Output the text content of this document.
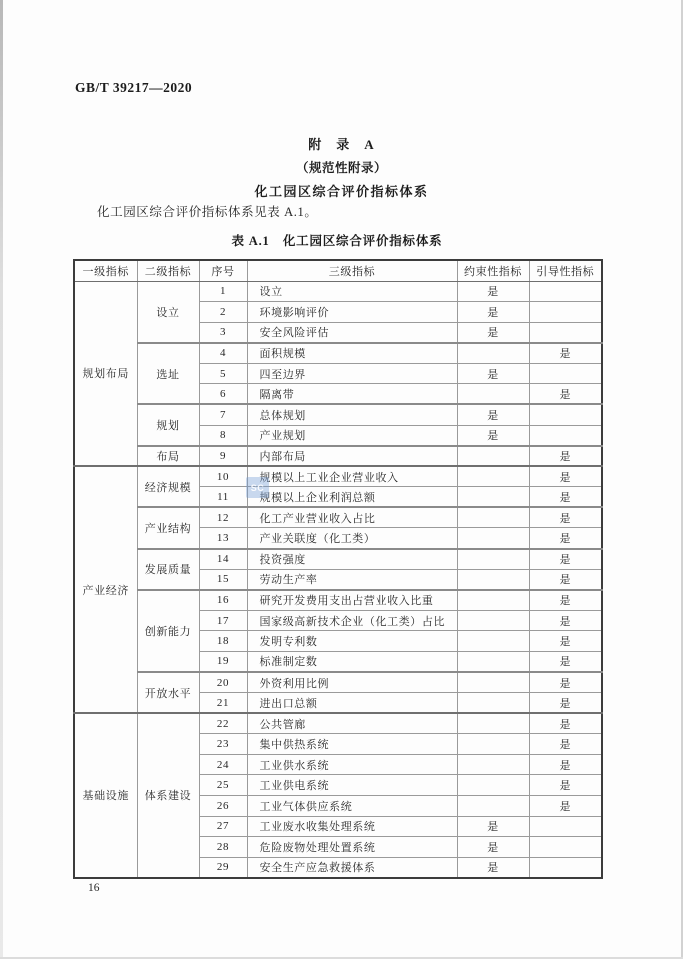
GB/T 39217—2020
附　录　A
（规范性附录）
化工园区综合评价指标体系
化工园区综合评价指标体系见表 A.1。
表 A.1　化工园区综合评价指标体系
一级指标	二级指标	序号	三级指标	约束性指标	引导性指标
规划布局	设立	1	设立	是	
		2	环境影响评价	是	
		3	安全风险评估	是	
	选址	4	面积规模		是
		5	四至边界	是	
		6	隔离带		是
	规划	7	总体规划	是	
		8	产业规划	是	
	布局	9	内部布局		是
产业经济	经济规模	10	规模以上工业企业营业收入		是
		11	规模以上企业利润总额		是
	产业结构	12	化工产业营业收入占比		是
		13	产业关联度（化工类）		是
	发展质量	14	投资强度		是
		15	劳动生产率		是
	创新能力	16	研究开发费用支出占营业收入比重		是
		17	国家级高新技术企业（化工类）占比		是
		18	发明专利数		是
		19	标准制定数		是
	开放水平	20	外资利用比例		是
		21	进出口总额		是
基础设施	体系建设	22	公共管廊		是
		23	集中供热系统		是
		24	工业供水系统		是
		25	工业供电系统		是
		26	工业气体供应系统		是
		27	工业废水收集处理系统	是	
		28	危险废物处理处置系统	是	
		29	安全生产应急救援体系	是	
SC
16
